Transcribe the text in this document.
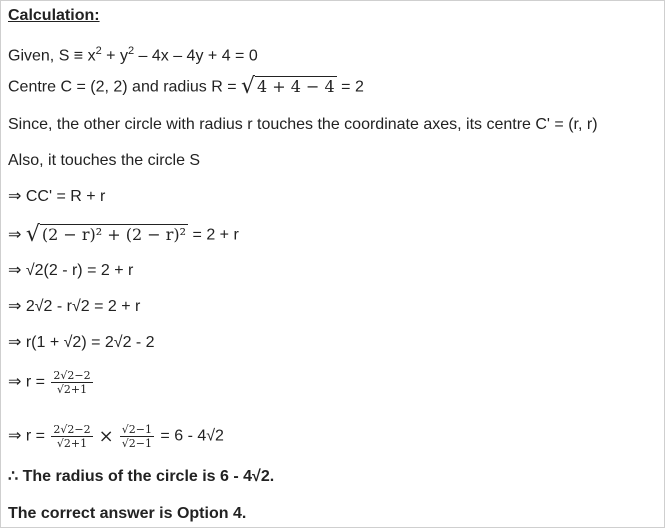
Calculation:
Given, $S \equiv x^2 + y^2 - 4x - 4y + 4 = 0$
Centre C = (2, 2) and radius R = √ 4 + 4 − 4 = 2
Since, the other circle with radius r touches the coordinate axes, its centre C' = (r, r)
Also, it touches the circle S
⇒ CC' = R + r
⇒ √ (2 − r)² + (2 − r)² = 2 + r
⇒ √2(2 - r) = 2 + r
⇒ 2√2 - r√2 = 2 + r
⇒ r(1 + √2) = 2√2 - 2
⇒ $r = \frac{2√2-2}{√2+1}$
⇒ $r = \frac{2√2-2}{√2+1} \times \frac{√2-1}{√2-1} = 6 - 4√2$
∴ The radius of the circle is 6 - 4√2.
The correct answer is Option 4.
